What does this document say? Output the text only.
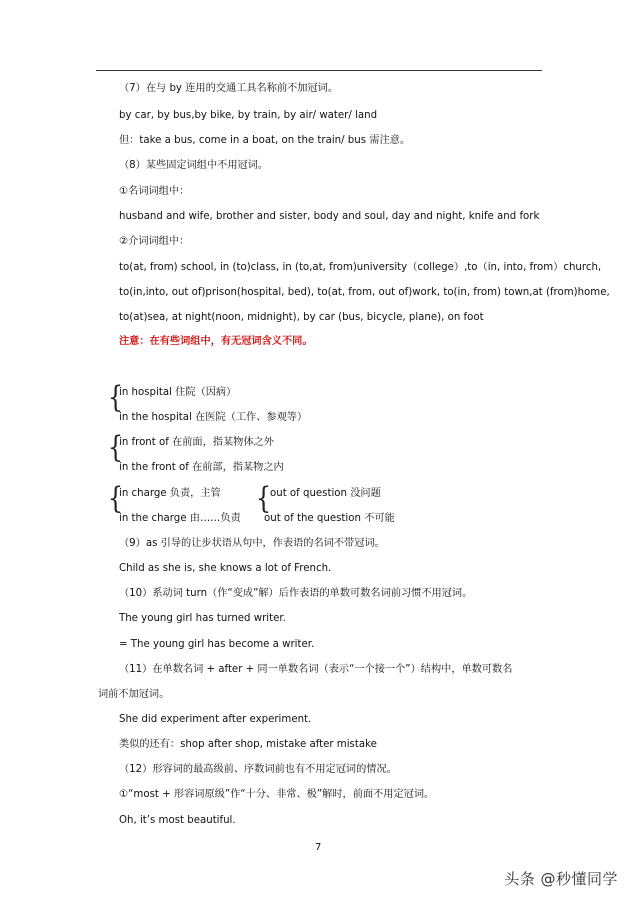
（7）在与 by 连用的交通工具名称前不加冠词。
by car, by bus,by bike, by train, by air/ water/ land
但：take a bus, come in a boat, on the train/ bus 需注意。
（8）某些固定词组中不用冠词。
①名词词组中：
husband and wife, brother and sister, body and soul, day and night, knife and fork
②介词词组中：
to(at, from) school, in (to)class, in (to,at, from)university（college）,to（in, into, from）church,
to(in,into, out of)prison(hospital, bed), to(at, from, out of)work, to(in, from) town,at (from)home,
to(at)sea, at night(noon, midnight), by car (bus, bicycle, plane), on foot
注意：在有些词组中，有无冠词含义不同。
{
in hospital 住院（因病）
in the hospital 在医院（工作、参观等）
{
in front of 在前面，指某物体之外
in the front of 在前部，指某物之内
{
in charge 负责，主管
in the charge 由……负责
{
out of question 没问题
out of the question 不可能
（9）as 引导的让步状语从句中，作表语的名词不带冠词。
Child as she is, she knows a lot of French.
（10）系动词 turn（作“变成”解）后作表语的单数可数名词前习惯不用冠词。
The young girl has turned writer.
= The young girl has become a writer.
（11）在单数名词 + after + 同一单数名词（表示“一个接一个”）结构中，单数可数名
词前不加冠词。
She did experiment after experiment.
类似的还有：shop after shop, mistake after mistake
（12）形容词的最高级前、序数词前也有不用定冠词的情况。
①“most + 形容词原级”作“十分、非常、极”解时，前面不用定冠词。
Oh, it’s most beautiful.
7
头条 @秒懂同学
